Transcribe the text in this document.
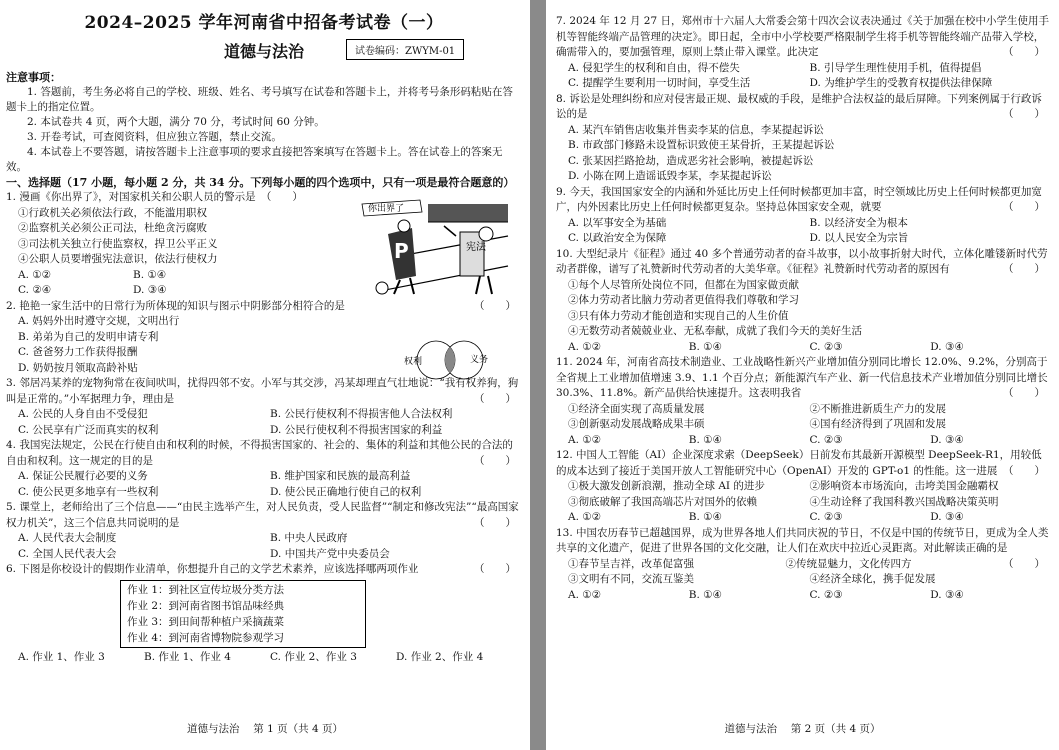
2024–2025 学年河南省中招备考试卷（一）
道德与法治	试卷编码：ZWYM-01
注意事项：
1. 答题前，考生务必将自己的学校、班级、姓名、考号填写在试卷和答题卡上，并将考号条形码粘贴在答题卡上的指定位置。
2. 本试卷共 4 页，两个大题，满分 70 分，考试时间 60 分钟。
3. 开卷考试，可查阅资料，但应独立答题，禁止交流。
4. 本试卷上不要答题，请按答题卡上注意事项的要求直接把答案填写在答题卡上。答在试卷上的答案无效。
一、选择题（17 小题，每小题 2 分，共 34 分。下列每小题的四个选项中，只有一项是最符合题意的）
1. 漫画《你出界了》，对国家机关和公职人员的警示是　（　　）
①行政机关必须依法行政，不能滥用职权
②监察机关必须公正司法，杜绝贪污腐败
③司法机关独立行使监察权，捍卫公平正义
④公职人员要增强宪法意识，依法行使权力
A. ①②	B. ①④
C. ②④	D. ③④
你出界了
P	宪法
2. 艳艳一家生活中的日常行为所体现的知识与图示中阴影部分相符合的是	（　　）
A. 妈妈外出时遵守交规，文明出行
B. 弟弟为自己的发明申请专利
C. 爸爸努力工作获得报酬
D. 奶奶按月领取高龄补贴	权利	义务
3. 邻居冯某养的宠物狗常在夜间吠叫，扰得四邻不安。小军与其交涉，冯某却理直气壮地说：“我有权养狗，狗叫是正常的。”小军据理力争，理由是	（　　）
A. 公民的人身自由不受侵犯	B. 公民行使权利不得损害他人合法权利
C. 公民享有广泛而真实的权利	D. 公民行使权利不得损害国家的利益
4. 我国宪法规定，公民在行使自由和权利的时候，不得损害国家的、社会的、集体的利益和其他公民的合法的自由和权利。这一规定的目的是	（　　）
A. 保证公民履行必要的义务	B. 维护国家和民族的最高利益
C. 使公民更多地享有一些权利	D. 使公民正确地行使自己的权利
5. 课堂上，老师给出了三个信息——“由民主选举产生，对人民负责，受人民监督”“制定和修改宪法”“最高国家权力机关”，这三个信息共同说明的是	（　　）
A. 人民代表大会制度	B. 中央人民政府
C. 全国人民代表大会	D. 中国共产党中央委员会
6. 下图是你校设计的假期作业清单，你想提升自己的文学艺术素养，应该选择哪两项作业	（　　）
作业 1：到社区宣传垃圾分类方法
作业 2：到河南省图书馆品味经典
作业 3：到田间帮种植户采摘蔬菜
作业 4：到河南省博物院参观学习
A. 作业 1、作业 3	B. 作业 1、作业 4	C. 作业 2、作业 3	D. 作业 2、作业 4
道德与法治　 第 1 页（共 4 页）
7. 2024 年 12 月 27 日，郑州市十六届人大常委会第十四次会议表决通过《关于加强在校中小学生使用手机等智能终端产品管理的决定》。即日起，全市中小学校要严格限制学生将手机等智能终端产品带入学校，确需带入的，要加强管理，原则上禁止带入课堂。此决定	（　　）
A. 侵犯学生的权利和自由，得不偿失	B. 引导学生理性使用手机，值得提倡
C. 提醒学生要利用一切时间，享受生活	D. 为维护学生的受教育权提供法律保障
8. 诉讼是处理纠纷和应对侵害最正规、最权威的手段，是维护合法权益的最后屏障。下列案例属于行政诉讼的是	（　　）
A. 某汽车销售店收集并售卖李某的信息，李某提起诉讼
B. 市政部门修路未设置标识致使王某骨折，王某提起诉讼
C. 张某因拦路抢劫，造成恶劣社会影响，被提起诉讼
D. 小陈在网上造谣诋毁李某，李某提起诉讼
9. 今天，我国国家安全的内涵和外延比历史上任何时候都更加丰富，时空领域比历史上任何时候都更加宽广，内外因素比历史上任何时候都更复杂。坚持总体国家安全观，就要	（　　）
A. 以军事安全为基础	B. 以经济安全为根本
C. 以政治安全为保障	D. 以人民安全为宗旨
10. 大型纪录片《征程》通过 40 多个普通劳动者的奋斗故事，以小故事折射大时代，立体化雕镂新时代劳动者群像，谱写了礼赞新时代劳动者的大美华章。《征程》礼赞新时代劳动者的原因有	（　　）
①每个人尽管所处岗位不同，但都在为国家做贡献
②体力劳动者比脑力劳动者更值得我们尊敬和学习
③只有体力劳动才能创造和实现自己的人生价值
④无数劳动者兢兢业业、无私奉献，成就了我们今天的美好生活
A. ①②	B. ①④	C. ②③	D. ③④
11. 2024 年，河南省高技术制造业、工业战略性新兴产业增加值分别同比增长 12.0%、9.2%，分别高于全省规上工业增加值增速 3.9、1.1 个百分点；新能源汽车产业、新一代信息技术产业增加值分别同比增长 30.3%、11.8%。新产品供给快速提升。这表明我省	（　　）
①经济全面实现了高质量发展	②不断推进新质生产力的发展
③创新驱动发展战略成果丰硕	④国有经济得到了巩固和发展
A. ①②	B. ①④	C. ②③	D. ③④
12. 中国人工智能（AI）企业深度求索（DeepSeek）日前发布其最新开源模型 DeepSeek-R1，用较低的成本达到了接近于美国开放人工智能研究中心（OpenAI）开发的 GPT-o1 的性能。这一进展 （　　）
①极大激发创新浪潮，推动全球 AI 的进步	②影响资本市场流向，击垮美国金融霸权
③彻底破解了我国高端芯片对国外的依赖	④生动诠释了我国科教兴国战略决策英明
A. ①②	B. ①④	C. ②③	D. ③④
13. 中国农历春节已超越国界，成为世界各地人们共同庆祝的节日，不仅是中国的传统节日，更成为全人类共享的文化遗产，促进了世界各国的文化交融，让人们在欢庆中拉近心灵距离。对此解读正确的是
（　　）
①春节呈吉祥，改革促富强	②传统显魅力，文化传四方
③文明有不同，交流互鉴美	④经济全球化，携手促发展
A. ①②	B. ①④	C. ②③	D. ③④
道德与法治　 第 2 页（共 4 页）
